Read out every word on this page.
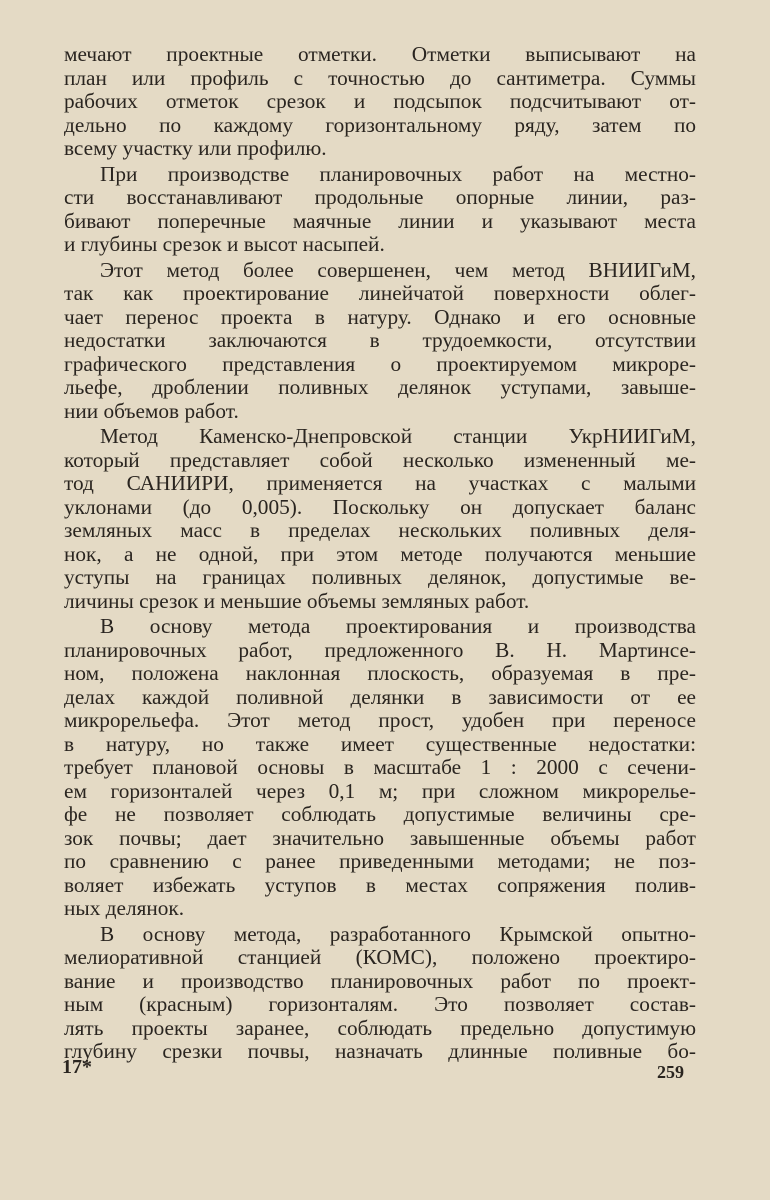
мечают проектные отметки. Отметки выписывают на
план или профиль с точностью до сантиметра. Суммы
рабочих отметок срезок и подсыпок подсчитывают от-
дельно по каждому горизонтальному ряду, затем по
всему участку или профилю.
При производстве планировочных работ на местно-
сти восстанавливают продольные опорные линии, раз-
бивают поперечные маячные линии и указывают места
и глубины срезок и высот насыпей.
Этот метод более совершенен, чем метод ВНИИГиМ,
так как проектирование линейчатой поверхности облег-
чает перенос проекта в натуру. Однако и его основные
недостатки заключаются в трудоемкости, отсутствии
графического представления о проектируемом микроре-
льефе, дроблении поливных делянок уступами, завыше-
нии объемов работ.
Метод Каменско-Днепровской станции УкрНИИГиМ,
который представляет собой несколько измененный ме-
тод САНИИРИ, применяется на участках с малыми
уклонами (до 0,005). Поскольку он допускает баланс
земляных масс в пределах нескольких поливных деля-
нок, а не одной, при этом методе получаются меньшие
уступы на границах поливных делянок, допустимые ве-
личины срезок и меньшие объемы земляных работ.
В основу метода проектирования и производства
планировочных работ, предложенного В. Н. Мартинсе-
ном, положена наклонная плоскость, образуемая в пре-
делах каждой поливной делянки в зависимости от ее
микрорельефа. Этот метод прост, удобен при переносе
в натуру, но также имеет существенные недостатки:
требует плановой основы в масштабе 1 : 2000 с сечени-
ем горизонталей через 0,1 м; при сложном микрорелье-
фе не позволяет соблюдать допустимые величины сре-
зок почвы; дает значительно завышенные объемы работ
по сравнению с ранее приведенными методами; не поз-
воляет избежать уступов в местах сопряжения полив-
ных делянок.
В основу метода, разработанного Крымской опытно-
мелиоративной станцией (КОМС), положено проектиро-
вание и производство планировочных работ по проект-
ным (красным) горизонталям. Это позволяет состав-
лять проекты заранее, соблюдать предельно допустимую
глубину срезки почвы, назначать длинные поливные бо-
17*	259
